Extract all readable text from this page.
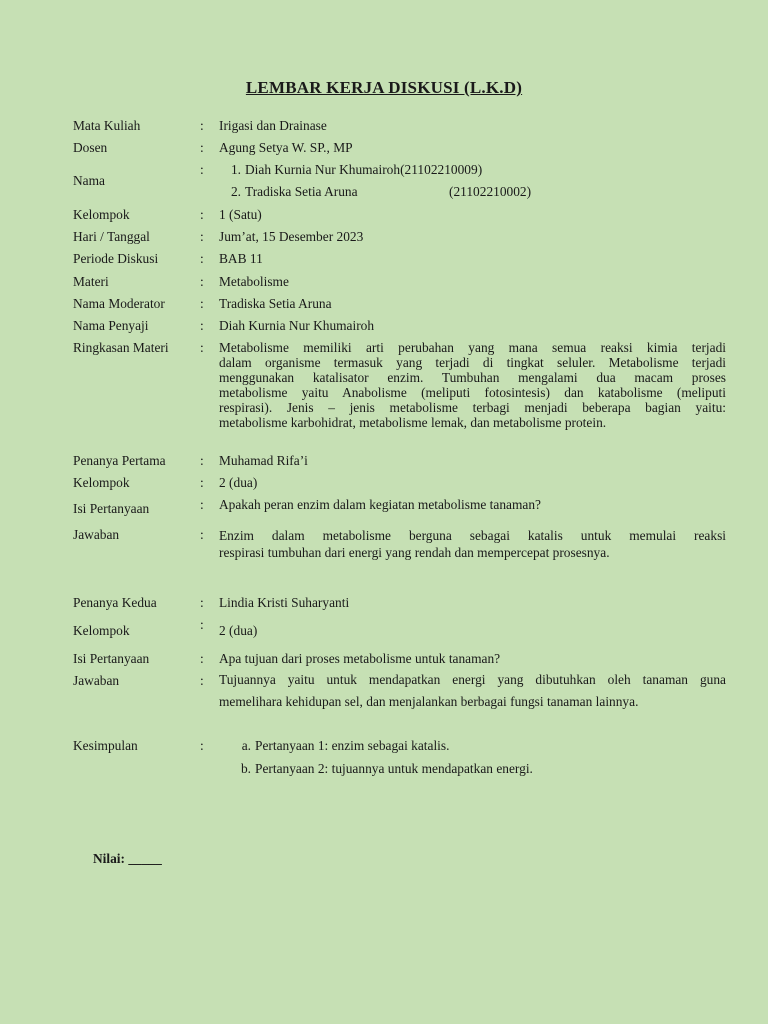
LEMBAR KERJA DISKUSI (L.K.D)
Mata Kuliah	: Irigasi dan Drainase
Dosen	: Agung Setya W. SP., MP
Nama
:	1. Diah Kurnia Nur Khumairoh(21102210009)
2. Tradiska Setia Aruna	(21102210002)
Kelompok	: 1 (Satu)
Hari / Tanggal	: Jum’at, 15 Desember 2023
Periode Diskusi	: BAB 11
Materi	: Metabolisme
Nama Moderator	: Tradiska Setia Aruna
Nama Penyaji	: Diah Kurnia Nur Khumairoh
Ringkasan Materi : Metabolisme memiliki arti perubahan yang mana semua reaksi kimia terjadi
dalam organisme termasuk yang terjadi di tingkat seluler. Metabolisme terjadi
menggunakan katalisator enzim. Tumbuhan mengalami dua macam proses
metabolisme yaitu Anabolisme (meliputi fotosintesis) dan katabolisme (meliputi
respirasi). Jenis – jenis metabolisme terbagi menjadi beberapa bagian yaitu:
metabolisme karbohidrat, metabolisme lemak, dan metabolisme protein.
Penanya Pertama	: Muhamad Rifa’i
Kelompok	: 2 (dua)
Isi Pertanyaan	: Apakah peran enzim dalam kegiatan metabolisme tanaman?
Jawaban	: Enzim dalam metabolisme berguna sebagai katalis untuk memulai reaksi
respirasi tumbuhan dari energi yang rendah dan mempercepat prosesnya.
Penanya Kedua	: Lindia Kristi Suharyanti
Kelompok	: 2 (dua)
Isi Pertanyaan	: Apa tujuan dari proses metabolisme untuk tanaman?
Jawaban	: Tujuannya yaitu untuk mendapatkan energi yang dibutuhkan oleh tanaman guna
memelihara kehidupan sel, dan menjalankan berbagai fungsi tanaman lainnya.
Kesimpulan	:	a. Pertanyaan 1: enzim sebagai katalis.
b. Pertanyaan 2: tujuannya untuk mendapatkan energi.
Nilai: _____
